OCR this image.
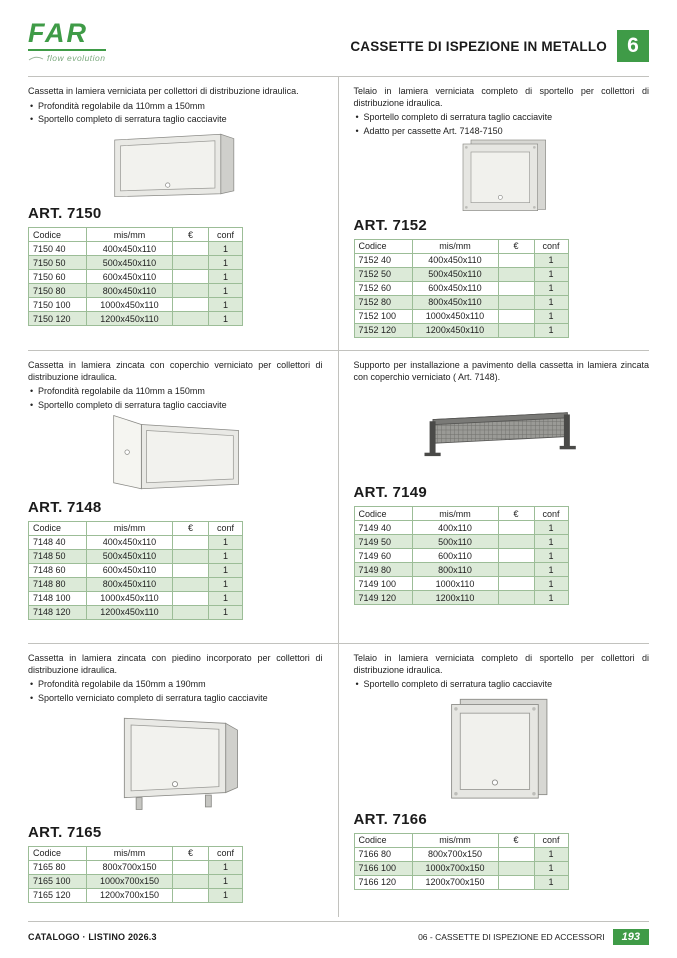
FAR
flow evolution
CASSETTE DI ISPEZIONE IN METALLO 6

Cassetta in lamiera verniciata per collettori di distribuzione idraulica.

• Profondità regolabile da 110mm a 150mm
• Sportello completo di serratura taglio cacciavite
ART. 7150
Codice	mis/mm	€	conf
7150 40	400x450x110		1
7150 50	500x450x110		1
7150 60	600x450x110		1
7150 80	800x450x110		1
7150 100	1000x450x110		1
7150 120	1200x450x110		1

Telaio in lamiera verniciata completo di sportello per collettori di distribuzione idraulica.

• Sportello completo di serratura taglio cacciavite
• Adatto per cassette Art. 7148-7150
ART. 7152
Codice	mis/mm	€	conf
7152 40	400x450x110		1
7152 50	500x450x110		1
7152 60	600x450x110		1
7152 80	800x450x110		1
7152 100	1000x450x110		1
7152 120	1200x450x110		1

Cassetta in lamiera zincata con coperchio verniciato per collettori di distribuzione idraulica.

• Profondità regolabile da 110mm a 150mm
• Sportello completo di serratura taglio cacciavite
ART. 7148
Codice	mis/mm	€	conf
7148 40	400x450x110		1
7148 50	500x450x110		1
7148 60	600x450x110		1
7148 80	800x450x110		1
7148 100	1000x450x110		1
7148 120	1200x450x110		1

Supporto per installazione a pavimento della cassetta in lamiera zincata con coperchio verniciato ( Art. 7148).

ART. 7149
Codice	mis/mm	€	conf
7149 40	400x110		1
7149 50	500x110		1
7149 60	600x110		1
7149 80	800x110		1
7149 100	1000x110		1
7149 120	1200x110		1

Cassetta in lamiera zincata con piedino incorporato per collettori di distribuzione idraulica.

• Profondità regolabile da 150mm a 190mm
• Sportello verniciato completo di serratura taglio cacciavite
ART. 7165
Codice	mis/mm	€	conf
7165 80	800x700x150		1
7165 100	1000x700x150		1
7165 120	1200x700x150		1

Telaio in lamiera verniciata completo di sportello per collettori di distribuzione idraulica.

• Sportello completo di serratura taglio cacciavite
ART. 7166
Codice	mis/mm	€	conf
7166 80	800x700x150		1
7166 100	1000x700x150		1
7166 120	1200x700x150		1
CATALOGO · LISTINO 2026.3	06 - CASSETTE DI ISPEZIONE ED ACCESSORI	193
